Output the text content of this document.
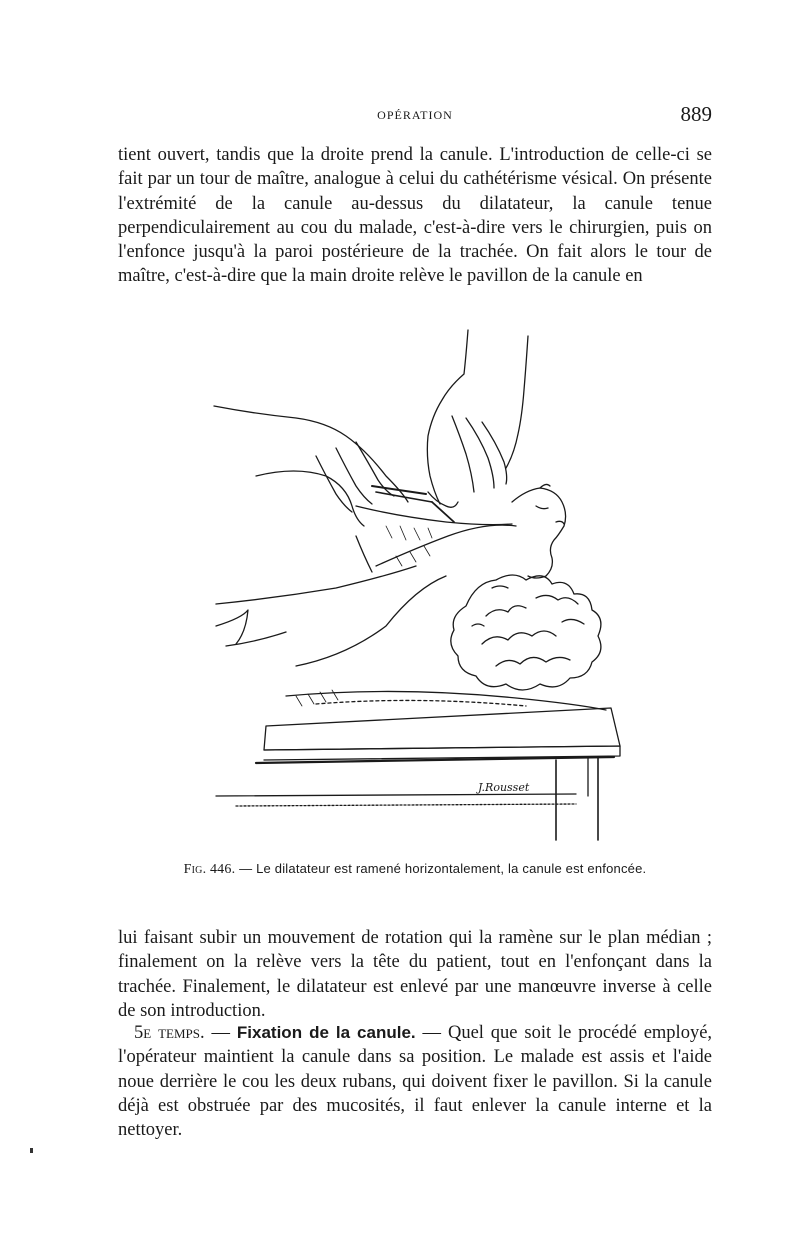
OPÉRATION	889

tient ouvert, tandis que la droite prend la canule. L'introduction de celle-ci se fait par un tour de maître, analogue à celui du cathétérisme vésical. On présente l'extrémité de la canule au-dessus du dilatateur, la canule tenue perpendiculairement au cou du malade, c'est-à-dire vers le chirurgien, puis on l'enfonce jusqu'à la paroi postérieure de la trachée. On fait alors le tour de maître, c'est-à-dire que la main droite relève le pavillon de la canule en

J.Rousset
Fig. 446. — Le dilatateur est ramené horizontalement, la canule est enfoncée.

lui faisant subir un mouvement de rotation qui la ramène sur le plan médian ; finalement on la relève vers la tête du patient, tout en l'enfonçant dans la trachée. Finalement, le dilatateur est enlevé par une manœuvre inverse à celle de son introduction.

5e temps. — Fixation de la canule. — Quel que soit le procédé employé, l'opérateur maintient la canule dans sa position. Le malade est assis et l'aide noue derrière le cou les deux rubans, qui doivent fixer le pavillon. Si la canule déjà est obstruée par des mucosités, il faut enlever la canule interne et la nettoyer.
